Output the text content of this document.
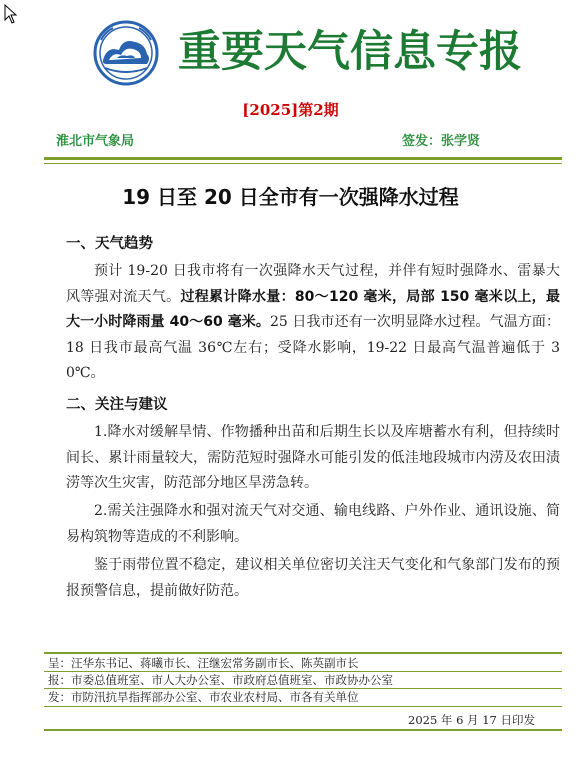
重要天气信息专报
[2025]第2期
淮北市气象局	签发：张学贤
19 日至 20 日全市有一次强降水过程
一、天气趋势
预计 19-20 日我市将有一次强降水天气过程，并伴有短时强降水、雷暴大风等强对流天气。过程累计降水量：80～120 毫米，局部 150 毫米以上，最大一小时降雨量 40～60 毫米。25 日我市还有一次明显降水过程。气温方面：18 日我市最高气温 36℃左右；受降水影响，19-22 日最高气温普遍低于 30℃。
二、关注与建议
1.降水对缓解旱情、作物播种出苗和后期生长以及库塘蓄水有利，但持续时间长、累计雨量较大，需防范短时强降水可能引发的低洼地段城市内涝及农田渍涝等次生灾害，防范部分地区旱涝急转。
2.需关注强降水和强对流天气对交通、输电线路、户外作业、通讯设施、简易构筑物等造成的不利影响。
鉴于雨带位置不稳定，建议相关单位密切关注天气变化和气象部门发布的预报预警信息，提前做好防范。
呈：汪华东书记、蒋曦市长、汪继宏常务副市长、陈英副市长
报：市委总值班室、市人大办公室、市政府总值班室、市政协办公室
发：市防汛抗旱指挥部办公室、市农业农村局、市各有关单位
2025 年 6 月 17 日印发
